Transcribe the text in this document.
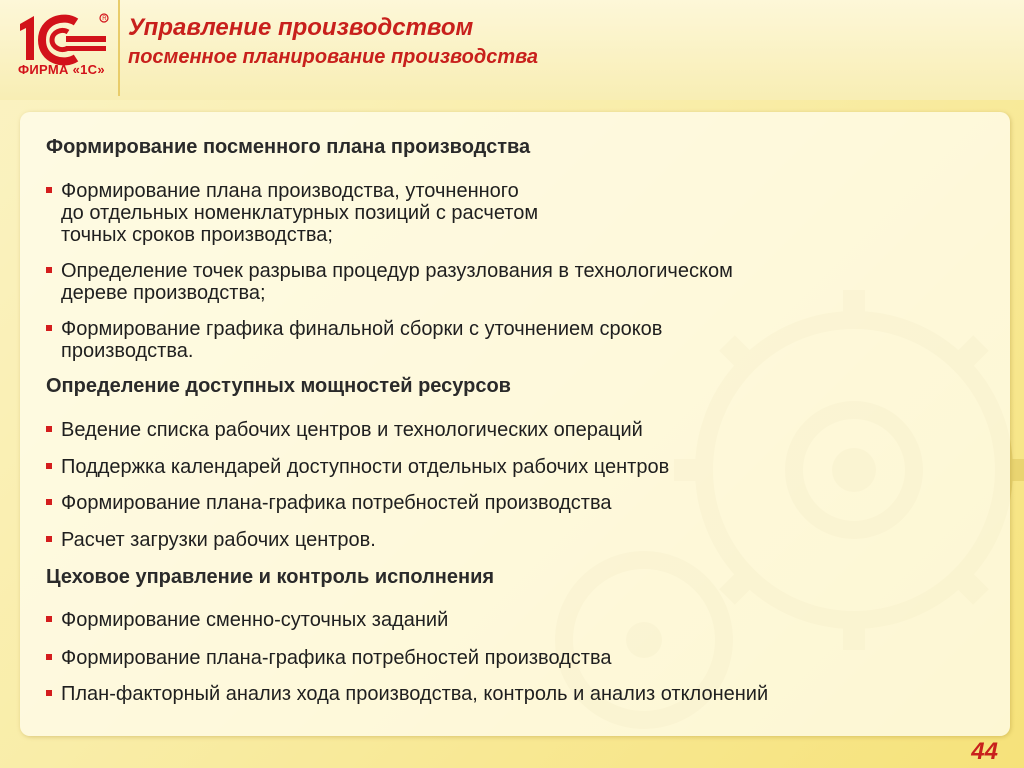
R
ФИРМА «1С»
Управление производством
посменное планирование производства
Формирование посменного плана производства
Формирование плана производства, уточненного
до отдельных номенклатурных позиций с расчетом
точных сроков производства;
Определение точек разрыва процедур разузлования в технологическом
дереве производства;
Формирование графика финальной сборки с уточнением сроков
производства.
Определение доступных мощностей ресурсов
Ведение списка рабочих центров и технологических операций
Поддержка календарей доступности отдельных рабочих центров
Формирование плана-графика потребностей производства
Расчет загрузки рабочих центров.
Цеховое управление и контроль исполнения
Формирование сменно-суточных заданий
Формирование плана-графика потребностей производства
План-факторный анализ хода производства, контроль и анализ отклонений
44
